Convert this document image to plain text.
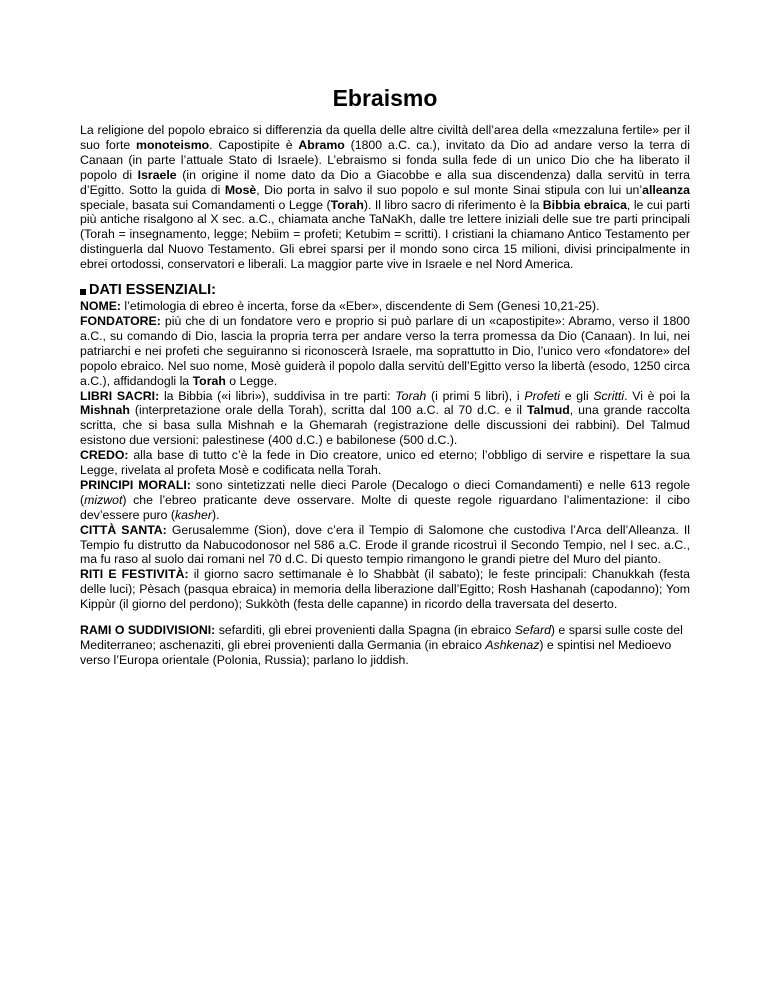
Ebraismo

La religione del popolo ebraico si differenzia da quella delle altre civiltà dell’area della «mezzaluna fertile» per il suo forte monoteismo. Capostipite è Abramo (1800 a.C. ca.), invitato da Dio ad andare verso la terra di Canaan (in parte l’attuale Stato di Israele). L’ebraismo si fonda sulla fede di un unico Dio che ha liberato il popolo di Israele (in origine il nome dato da Dio a Giacobbe e alla sua discendenza) dalla servitù in terra d’Egitto. Sotto la guida di Mosè, Dio porta in salvo il suo popolo e sul monte Sinai stipula con lui un’alleanza speciale, basata sui Comandamenti o Legge (Torah). Il libro sacro di riferimento è la Bibbia ebraica, le cui parti più antiche risalgono al X sec. a.C., chiamata anche TaNaKh, dalle tre lettere iniziali delle sue tre parti principali (Torah = insegnamento, legge; Nebiim = profeti; Ketubim = scritti). I cristiani la chiamano Antico Testamento per distinguerla dal Nuovo Testamento. Gli ebrei sparsi per il mondo sono circa 15 milioni, divisi principalmente in ebrei ortodossi, conservatori e liberali. La maggior parte vive in Israele e nel Nord America.

DATI ESSENZIALI:

NOME: l’etimologia di ebreo è incerta, forse da «Eber», discendente di Sem (Genesi 10,21-25).

FONDATORE: più che di un fondatore vero e proprio si può parlare di un «capostipite»: Abramo, verso il 1800 a.C., su comando di Dio, lascia la propria terra per andare verso la terra promessa da Dio (Canaan). In lui, nei patriarchi e nei profeti che seguiranno si riconoscerà Israele, ma soprattutto in Dio, l’unico vero «fondatore» del popolo ebraico. Nel suo nome, Mosè guiderà il popolo dalla servitù dell’Egitto verso la libertà (esodo, 1250 circa a.C.), affidandogli la Torah o Legge.

LIBRI SACRI: la Bibbia («i libri»), suddivisa in tre parti: Torah (i primi 5 libri), i Profeti e gli Scritti. Vi è poi la Mishnah (interpretazione orale della Torah), scritta dal 100 a.C. al 70 d.C. e il Talmud, una grande raccolta scritta, che si basa sulla Mishnah e la Ghemarah (registrazione delle discussioni dei rabbini). Del Talmud esistono due versioni: palestinese (400 d.C.) e babilonese (500 d.C.).

CREDO: alla base di tutto c’è la fede in Dio creatore, unico ed eterno; l’obbligo di servire e rispettare la sua Legge, rivelata al profeta Mosè e codificata nella Torah.

PRINCIPI MORALI: sono sintetizzati nelle dieci Parole (Decalogo o dieci Comandamenti) e nelle 613 regole (mizwot) che l’ebreo praticante deve osservare. Molte di queste regole riguardano l’alimentazione: il cibo dev’essere puro (kasher).

CITTÀ SANTA: Gerusalemme (Sion), dove c’era il Tempio di Salomone che custodiva l’Arca dell’Alleanza. Il Tempio fu distrutto da Nabucodonosor nel 586 a.C. Erode il grande ricostruì il Secondo Tempio, nel I sec. a.C., ma fu raso al suolo dai romani nel 70 d.C. Di questo tempio rimangono le grandi pietre del Muro del pianto.

RITI E FESTIVITÀ: il giorno sacro settimanale è lo Shabbàt (il sabato); le feste principali: Chanukkah (festa delle luci); Pèsach (pasqua ebraica) in memoria della liberazione dall’Egitto; Rosh Hashanah (capodanno); Yom Kippùr (il giorno del perdono); Sukkòth (festa delle capanne) in ricordo della traversata del deserto.

RAMI O SUDDIVISIONI: sefarditi, gli ebrei provenienti dalla Spagna (in ebraico Sefard) e sparsi sulle coste del Mediterraneo; aschenaziti, gli ebrei provenienti dalla Germania (in ebraico Ashkenaz) e spintisi nel Medioevo verso l’Europa orientale (Polonia, Russia); parlano lo jiddish.
